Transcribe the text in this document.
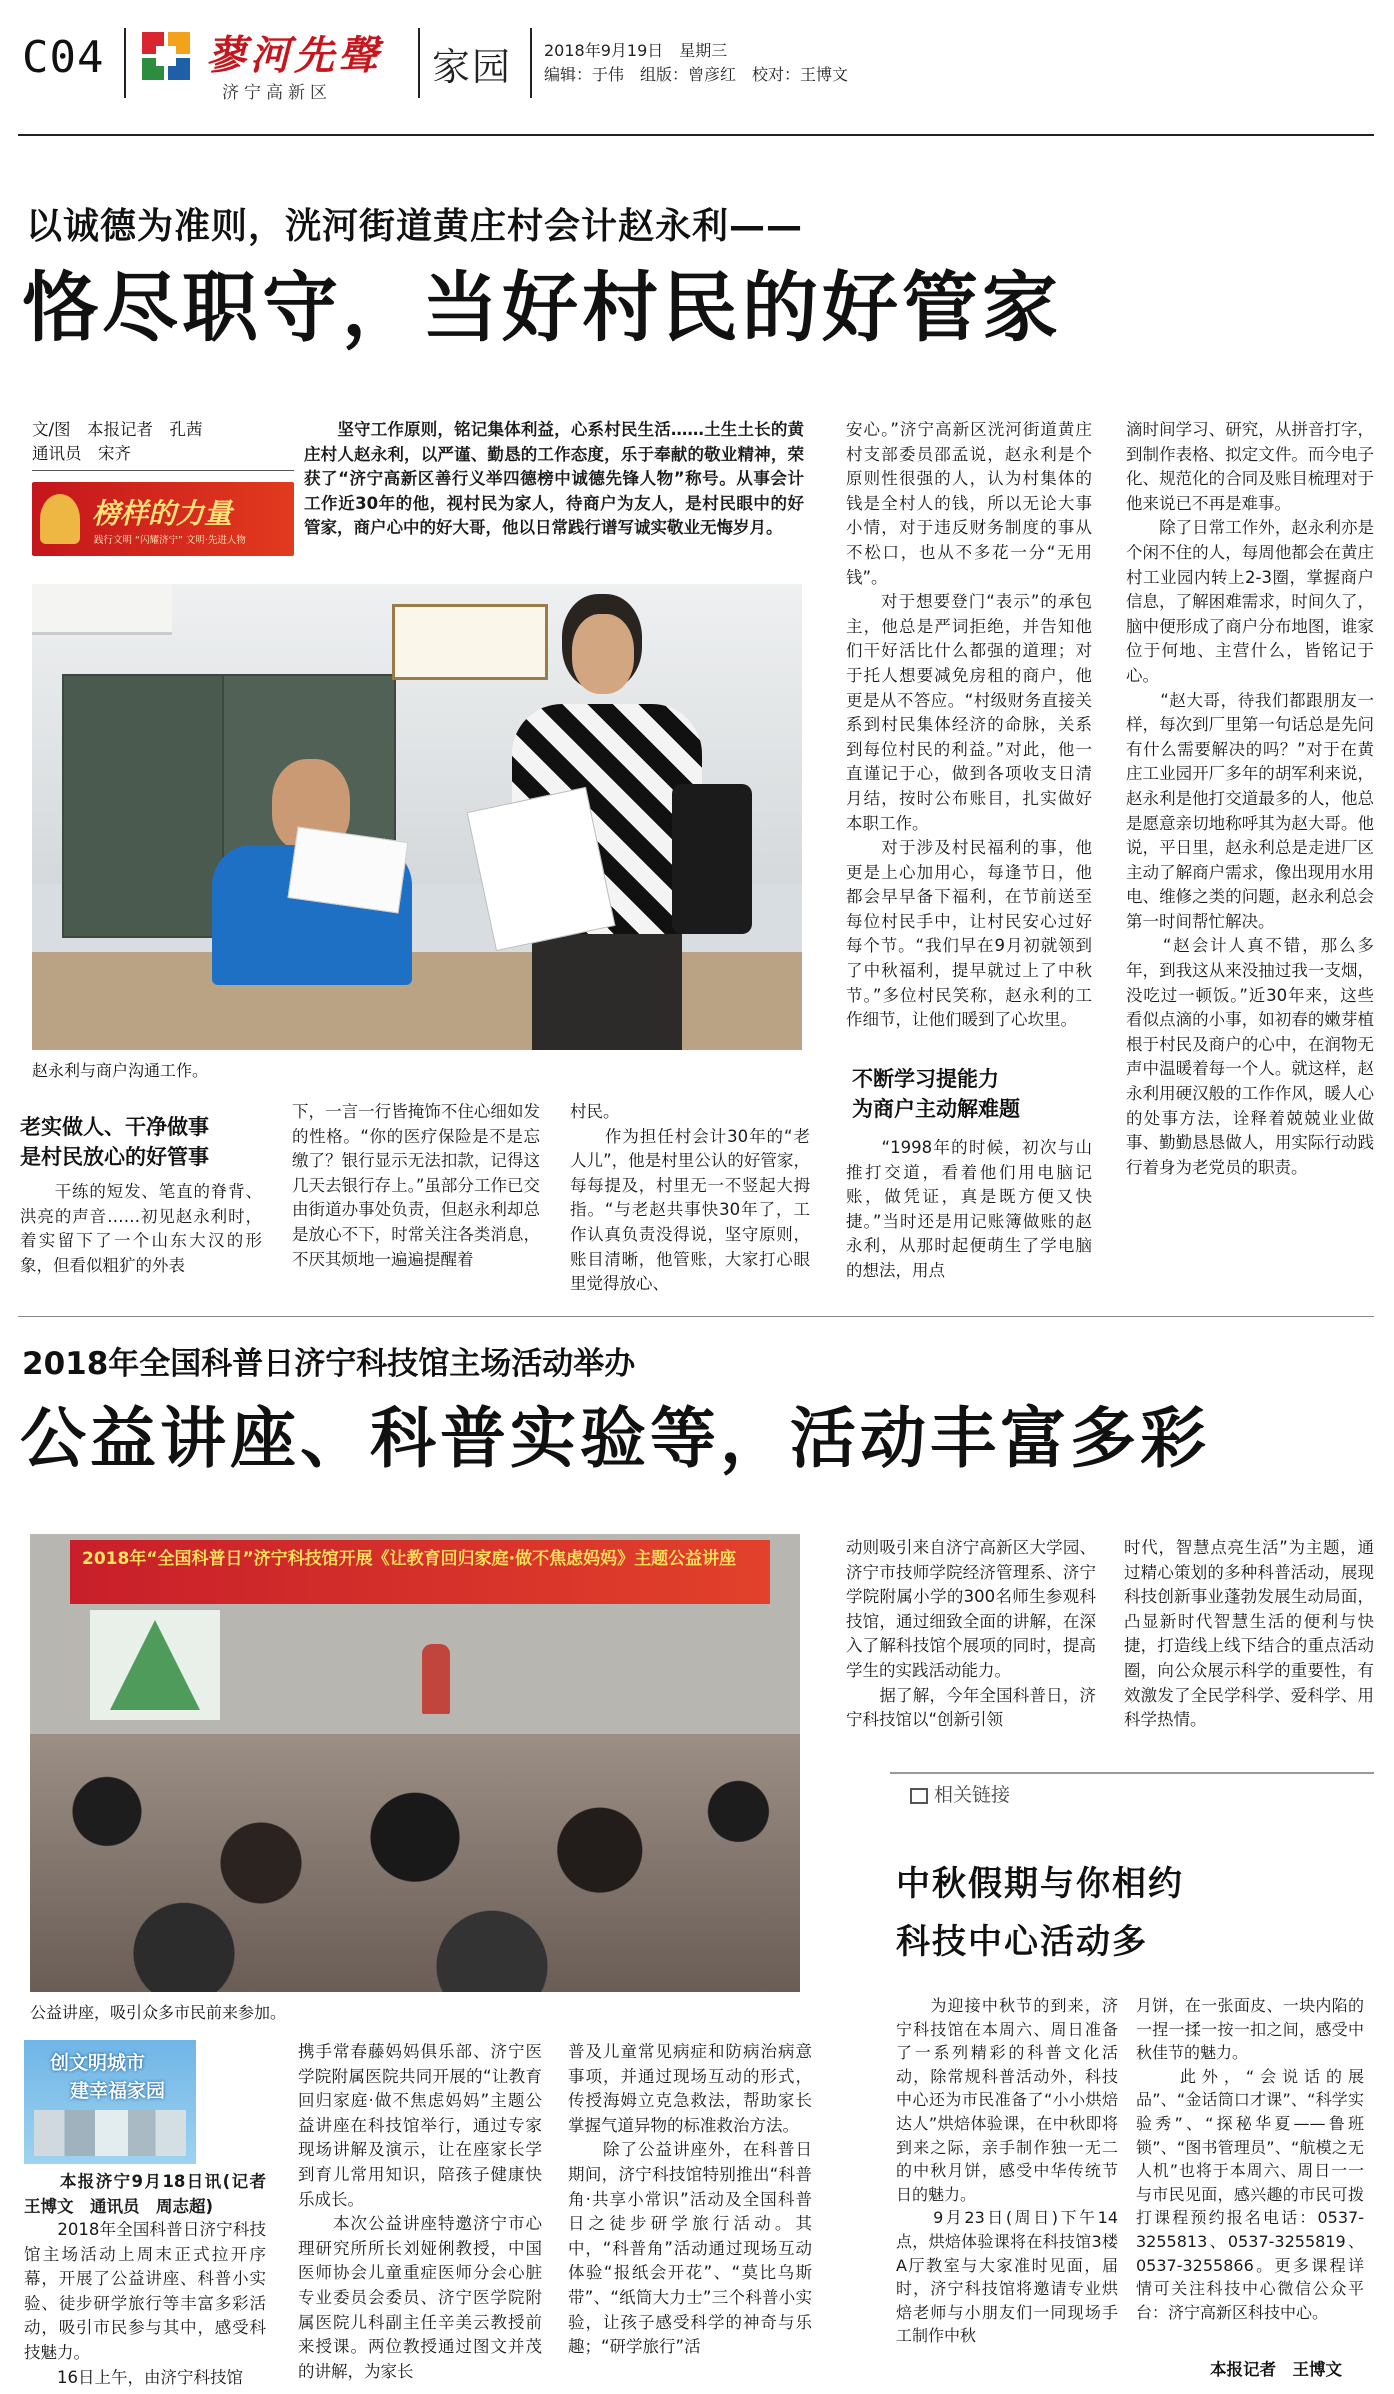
C04	蓼河先聲
济宁高新区
家园 2018年9月19日　星期三
编辑：于伟　组版：曾彦红　校对：王博文
以诚德为准则，洸河街道黄庄村会计赵永利——
恪尽职守，当好村民的好管家
文/图　本报记者　孔茜
通讯员　宋齐
榜样的力量
践行文明 “闪耀济宁” 文明·先进人物
　　坚守工作原则，铭记集体利益，心系村民生活……土生土长的黄庄村人赵永利，以严谨、勤恳的工作态度，乐于奉献的敬业精神，荣获了“济宁高新区善行义举四德榜中诚德先锋人物”称号。从事会计工作近30年的他，视村民为家人，待商户为友人，是村民眼中的好管家，商户心中的好大哥，他以日常践行谱写诚实敬业无悔岁月。
赵永利与商户沟通工作。
老实做人、干净做事
是村民放心的好管事
　　干练的短发、笔直的脊背、洪亮的声音……初见赵永利时，着实留下了一个山东大汉的形象，但看似粗犷的外表
下，一言一行皆掩饰不住心细如发的性格。“你的医疗保险是不是忘缴了？银行显示无法扣款，记得这几天去银行存上。”虽部分工作已交由街道办事处负责，但赵永利却总是放心不下，时常关注各类消息，不厌其烦地一遍遍提醒着
村民。
　　作为担任村会计30年的“老人儿”，他是村里公认的好管家，每每提及，村里无一不竖起大拇指。“与老赵共事快30年了，工作认真负责没得说，坚守原则，账目清晰，他管账，大家打心眼里觉得放心、
安心。”济宁高新区洸河街道黄庄村支部委员邵孟说，赵永利是个原则性很强的人，认为村集体的钱是全村人的钱，所以无论大事小情，对于违反财务制度的事从不松口，也从不多花一分“无用钱”。
　　对于想要登门“表示”的承包主，他总是严词拒绝，并告知他们干好活比什么都强的道理；对于托人想要减免房租的商户，他更是从不答应。“村级财务直接关系到村民集体经济的命脉，关系到每位村民的利益。”对此，他一直谨记于心，做到各项收支日清月结，按时公布账目，扎实做好本职工作。
　　对于涉及村民福利的事，他更是上心加用心，每逢节日，他都会早早备下福利，在节前送至每位村民手中，让村民安心过好每个节。“我们早在9月初就领到了中秋福利，提早就过上了中秋节。”多位村民笑称，赵永利的工作细节，让他们暖到了心坎里。
不断学习提能力
为商户主动解难题
　　“1998年的时候，初次与山推打交道，看着他们用电脑记账，做凭证，真是既方便又快捷。”当时还是用记账簿做账的赵永利，从那时起便萌生了学电脑的想法，用点
滴时间学习、研究，从拼音打字，到制作表格、拟定文件。而今电子化、规范化的合同及账目梳理对于他来说已不再是难事。
　　除了日常工作外，赵永利亦是个闲不住的人，每周他都会在黄庄村工业园内转上2-3圈，掌握商户信息，了解困难需求，时间久了，脑中便形成了商户分布地图，谁家位于何地、主营什么，皆铭记于心。
　　“赵大哥，待我们都跟朋友一样，每次到厂里第一句话总是先问有什么需要解决的吗？”对于在黄庄工业园开厂多年的胡军利来说，赵永利是他打交道最多的人，他总是愿意亲切地称呼其为赵大哥。他说，平日里，赵永利总是走进厂区主动了解商户需求，像出现用水用电、维修之类的问题，赵永利总会第一时间帮忙解决。
　　“赵会计人真不错，那么多年，到我这从来没抽过我一支烟，没吃过一顿饭。”近30年来，这些看似点滴的小事，如初春的嫩芽植根于村民及商户的心中，在润物无声中温暖着每一个人。就这样，赵永利用硬汉般的工作作风，暖人心的处事方法，诠释着兢兢业业做事、勤勤恳恳做人，用实际行动践行着身为老党员的职责。
2018年全国科普日济宁科技馆主场活动举办
公益讲座、科普实验等，活动丰富多彩
2018年“全国科普日”济宁科技馆开展《让教育回归家庭·做不焦虑妈妈》主题公益讲座
公益讲座，吸引众多市民前来参加。
创文明城市
建幸福家园
　　本报济宁9月18日讯(记者　王博文　通讯员　周志超)
　　2018年全国科普日济宁科技馆主场活动上周末正式拉开序幕，开展了公益讲座、科普小实验、徒步研学旅行等丰富多彩活动，吸引市民参与其中，感受科技魅力。
　　16日上午，由济宁科技馆
携手常春藤妈妈俱乐部、济宁医学院附属医院共同开展的“让教育回归家庭·做不焦虑妈妈”主题公益讲座在科技馆举行，通过专家现场讲解及演示，让在座家长学到育儿常用知识，陪孩子健康快乐成长。
　　本次公益讲座特邀济宁市心理研究所所长刘娅俐教授，中国医师协会儿童重症医师分会心脏专业委员会委员、济宁医学院附属医院儿科副主任辛美云教授前来授课。两位教授通过图文并茂的讲解，为家长
普及儿童常见病症和防病治病意事项，并通过现场互动的形式，传授海姆立克急救法，帮助家长掌握气道异物的标准救治方法。
　　除了公益讲座外，在科普日期间，济宁科技馆特别推出“科普角·共享小常识”活动及全国科普日之徒步研学旅行活动。其中，“科普角”活动通过现场互动体验“报纸会开花”、“莫比乌斯带”、“纸筒大力士”三个科普小实验，让孩子感受科学的神奇与乐趣；“研学旅行”活
动则吸引来自济宁高新区大学园、济宁市技师学院经济管理系、济宁学院附属小学的300名师生参观科技馆，通过细致全面的讲解，在深入了解科技馆个展项的同时，提高学生的实践活动能力。
　　据了解，今年全国科普日，济宁科技馆以“创新引领
时代，智慧点亮生活”为主题，通过精心策划的多种科普活动，展现科技创新事业蓬勃发展生动局面，凸显新时代智慧生活的便利与快捷，打造线上线下结合的重点活动圈，向公众展示科学的重要性，有效激发了全民学科学、爱科学、用科学热情。
相关链接
中秋假期与你相约
科技中心活动多
　　为迎接中秋节的到来，济宁科技馆在本周六、周日准备了一系列精彩的科普文化活动，除常规科普活动外，科技中心还为市民准备了“小小烘焙达人”烘焙体验课，在中秋即将到来之际，亲手制作独一无二的中秋月饼，感受中华传统节日的魅力。
　　9月23日(周日)下午14点，烘焙体验课将在科技馆3楼A厅教室与大家准时见面，届时，济宁科技馆将邀请专业烘焙老师与小朋友们一同现场手工制作中秋
月饼，在一张面皮、一块内陷的一捏一揉一按一扣之间，感受中秋佳节的魅力。
　　此外，“会说话的展品”、“金话筒口才课”、“科学实验秀”、“探秘华夏——鲁班锁”、“图书管理员”、“航模之无人机”也将于本周六、周日一一与市民见面，感兴趣的市民可拨打课程预约报名电话：0537-3255813、0537-3255819、0537-3255866。更多课程详情可关注科技中心微信公众平台：济宁高新区科技中心。
本报记者　王博文
